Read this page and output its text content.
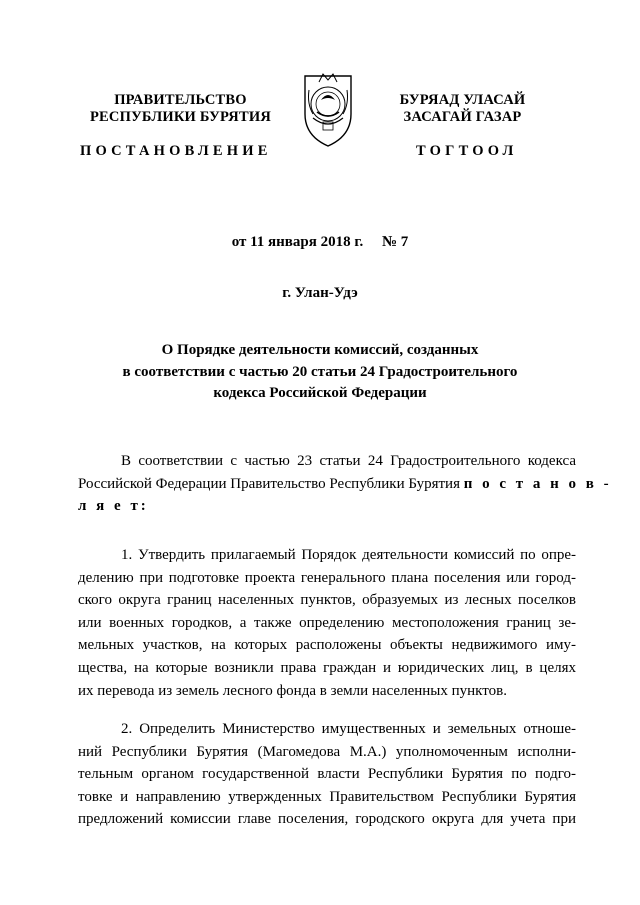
ПРАВИТЕЛЬСТВО
РЕСПУБЛИКИ БУРЯТИЯ
БУРЯАД УЛАСАЙ
ЗАСАГАЙ ГАЗАР
ПОСТАНОВЛЕНИЕ	ТОГТООЛ
от 11 января 2018 г.     № 7
г. Улан-Удэ
О Порядке деятельности комиссий, созданных
в соответствии с частью 20 статьи 24 Градостроительного
кодекса Российской Федерации
В соответствии с частью 23 статьи 24 Градостроительного кодекса
Российской Федерации Правительство Республики Бурятия п о с т а н о в -
л я е т:
1. Утвердить прилагаемый Порядок деятельности комиссий по опре-
делению при подготовке проекта генерального плана поселения или город-
ского округа границ населенных пунктов, образуемых из лесных поселков
или военных городков, а также определению местоположения границ зе-
мельных участков, на которых расположены объекты недвижимого иму-
щества, на которые возникли права граждан и юридических лиц, в целях
их перевода из земель лесного фонда в земли населенных пунктов.
2. Определить Министерство имущественных и земельных отноше-
ний Республики Бурятия (Магомедова М.А.) уполномоченным исполни-
тельным органом государственной власти Республики Бурятия по подго-
товке и направлению утвержденных Правительством Республики Бурятия
предложений комиссии главе поселения, городского округа для учета при
